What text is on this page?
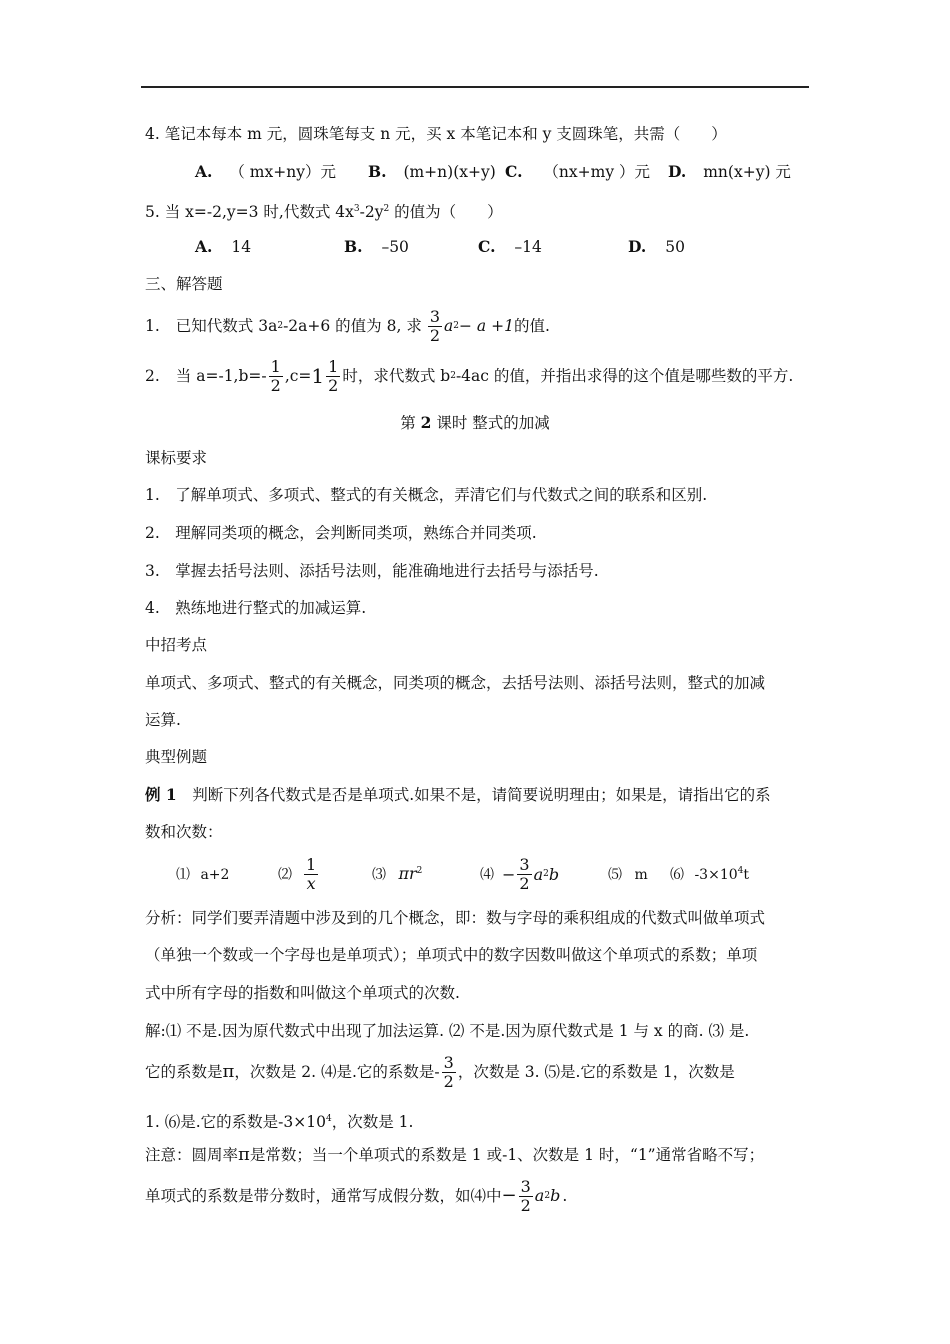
4. 笔记本每本 m 元，圆珠笔每支 n 元，买 x 本笔记本和 y 支圆珠笔，共需（　　）
A. （ mx+ny）元 B. (m+n)(x+y) C. （nx+my ）元 D. mn(x+y) 元
5. 当 x=-2,y=3 时,代数式 $4x^3-2y^2$ 的值为（　　）
A. 14	B. –50	C. –14	D. 50
三、解答题
1. 已知代数式 3a 2 -2a+6 的值为 8, 求 $\frac{3}{2}$ a 2 − a +1 的值.
2. 当 $a=-1,b=- \frac{1}{2} ,c= 1 \frac{1}{2}$ 时，求代数式 b 2 -4ac 的值，并指出求得的这个值是哪些数的平方.
第 2 课时 整式的加减
课标要求
1.　了解单项式、多项式、整式的有关概念，弄清它们与代数式之间的联系和区别.
2.　理解同类项的概念，会判断同类项，熟练合并同类项.
3.　掌握去括号法则、添括号法则，能准确地进行去括号与添括号.
4.　熟练地进行整式的加减运算.
中招考点
单项式、多项式、整式的有关概念，同类项的概念，去括号法则、添括号法则，整式的加减
运算.
典型例题
例 1　判断下列各代数式是否是单项式.如果不是，请简要说明理由；如果是，请指出它的系
数和次数：
⑴ a+2	⑵ $\frac{1}{x}$	⑶ $\pi r^2$	⑷ − $\frac{3}{2}$ a 2 b	⑸ m ⑹ $-3\times 10^4t$
分析：同学们要弄清题中涉及到的几个概念，即：数与字母的乘积组成的代数式叫做单项式
（单独一个数或一个字母也是单项式）；单项式中的数字因数叫做这个单项式的系数；单项
式中所有字母的指数和叫做这个单项式的次数.
解:⑴ 不是.因为原代数式中出现了加法运算. ⑵ 不是.因为原代数式是 1 与 x 的商. ⑶ 是.
它的系数是 π ，次数是 2. ⑷是.它的系数是- $\frac{3}{2}$ ，次数是 3. ⑸是.它的系数是 1，次数是
1. ⑹是.它的系数是$-3\times 10^4$，次数是 1.
注意：圆周率π是常数；当一个单项式的系数是 1 或-1、次数是 1 时，“1”通常省略不写；
单项式的系数是带分数时，通常写成假分数，如⑷中 − $\frac{3}{2}$ a 2 b .
